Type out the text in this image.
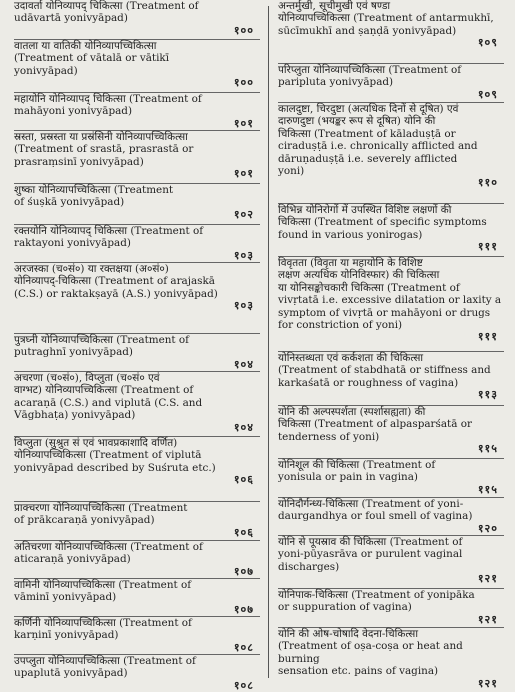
उदावर्ता योनिव्यापद् चिकित्सा (Treatment of
udāvartā yonivyāpad)

१००

वातला या वातिकी योनिव्यापच्चिकित्सा
(Treatment of vātalā or vātikī
yonivyāpad)

१००

महायोनि योनिव्यापद् चिकित्सा (Treatment of
mahāyoni yonivyāpad)

१०१

स्रस्ता, प्रस्रस्ता या प्रस्रंसिनी योनिव्यापच्चिकित्सा
(Treatment of srastā, prasrastā or
prasraṃsinī yonivyāpad)

१०१

शुष्का योनिव्यापच्चिकित्सा (Treatment
of śuṣkā yonivyāpad)

१०२

रक्तयोनि योनिव्यापद् चिकित्सा (Treatment of
raktayoni yonivyāpad)

१०३

अरजस्का (च०सं०) या रक्तक्षया (अ०सं०)
योनिव्यापद्-चिकित्सा (Treatment of arajaskā
(C.S.) or raktakṣayā (A.S.) yonivyāpad)

१०३

पुत्रघ्नी योनिव्यापच्चिकित्सा (Treatment of
putraghnī yonivyāpad)

१०४

अचरणा (च०सं०), विप्लुता (च०सं० एवं
वाग्भट) योनिव्यापच्चिकित्सा (Treatment of
acaraṇā (C.S.) and viplutā (C.S. and
Vāgbhaṭa) yonivyāpad)

१०४

विप्लुता (सुश्रुत सं एवं भावप्रकाशादि वर्णित)
योनिव्यापच्चिकित्सा (Treatment of viplutā
yonivyāpad described by Suśruta etc.)

१०६

प्राक्चरणा योनिव्यापच्चिकित्सा (Treatment
of prākcaraṇā yonivyāpad)

१०६

अतिचरणा योनिव्यापच्चिकित्सा (Treatment of
aticaraṇā yonivyāpad)

१०७

वामिनी योनिव्यापच्चिकित्सा (Treatment of
vāminī yonivyāpad)

१०७

कर्णिनी योनिव्यापच्चिकित्सा (Treatment of
karṇinī yonivyāpad)

१०८

उपप्लुता योनिव्यापच्चिकित्सा (Treatment of
upaplutā yonivyāpad)

१०८

अन्तर्मुखी, सूचीमुखी एवं षण्डा
योनिव्यापच्चिकित्सा (Treatment of antarmukhī,
sūcīmukhī and ṣaṇḍā yonivyāpad)

१०९

परिप्लुता योनिव्यापच्चिकित्सा (Treatment of
paripluta yonivyāpad)

१०९

कालदुष्टा, चिरदुष्टा (अत्यधिक दिनों से दूषित) एवं
दारुणदुष्टा (भयङ्कर रूप से दूषित) योनि की
चिकित्सा (Treatment of kāladuṣṭā or
ciraduṣṭā i.e. chronically afflicted and
dāruṇaduṣṭā i.e. severely afflicted
yoni)

११०

विभिन्न योनिरोगों में उपस्थित विशिष्ट लक्षणों की
चिकित्सा (Treatment of specific symptoms
found in various yonirogas)

१११

विवृतता (विवृता या महायोनि के विशिष्ट
लक्षण अत्यधिक योनिविस्फार) की चिकित्सा
या योनिसङ्कोचकारी चिकित्सा (Treatment of
vivṛtatā i.e. excessive dilatation or laxity a
symptom of vivṛtā or mahāyoni or drugs
for constriction of yoni)

१११

योनिस्तब्धता एवं कर्कशता की चिकित्सा
(Treatment of stabdhatā or stiffness and
karkaśatā or roughness of vagina)

११३

योनि की अल्पस्पर्शता (स्पर्शासह्यता) की
चिकित्सा (Treatment of alpasparśatā or
tenderness of yoni)

११५

योनिशूल की चिकित्सा (Treatment of
yonisula or pain in vagina)

११५

योनिदौर्गन्ध्य-चिकित्सा (Treatment of yoni-
daurgandhya or foul smell of vagina)

१२०

योनि से पूयस्राव की चिकित्सा (Treatment of
yoni-pūyasrāva or purulent vaginal
discharges)

१२१

योनिपाक-चिकित्सा (Treatment of yonipāka
or suppuration of vagina)

१२१

योनि की ओष-चोषादि वेदना-चिकित्सा
(Treatment of oṣa-coṣa or heat and burning
sensation etc. pains of vagina)

१२१
